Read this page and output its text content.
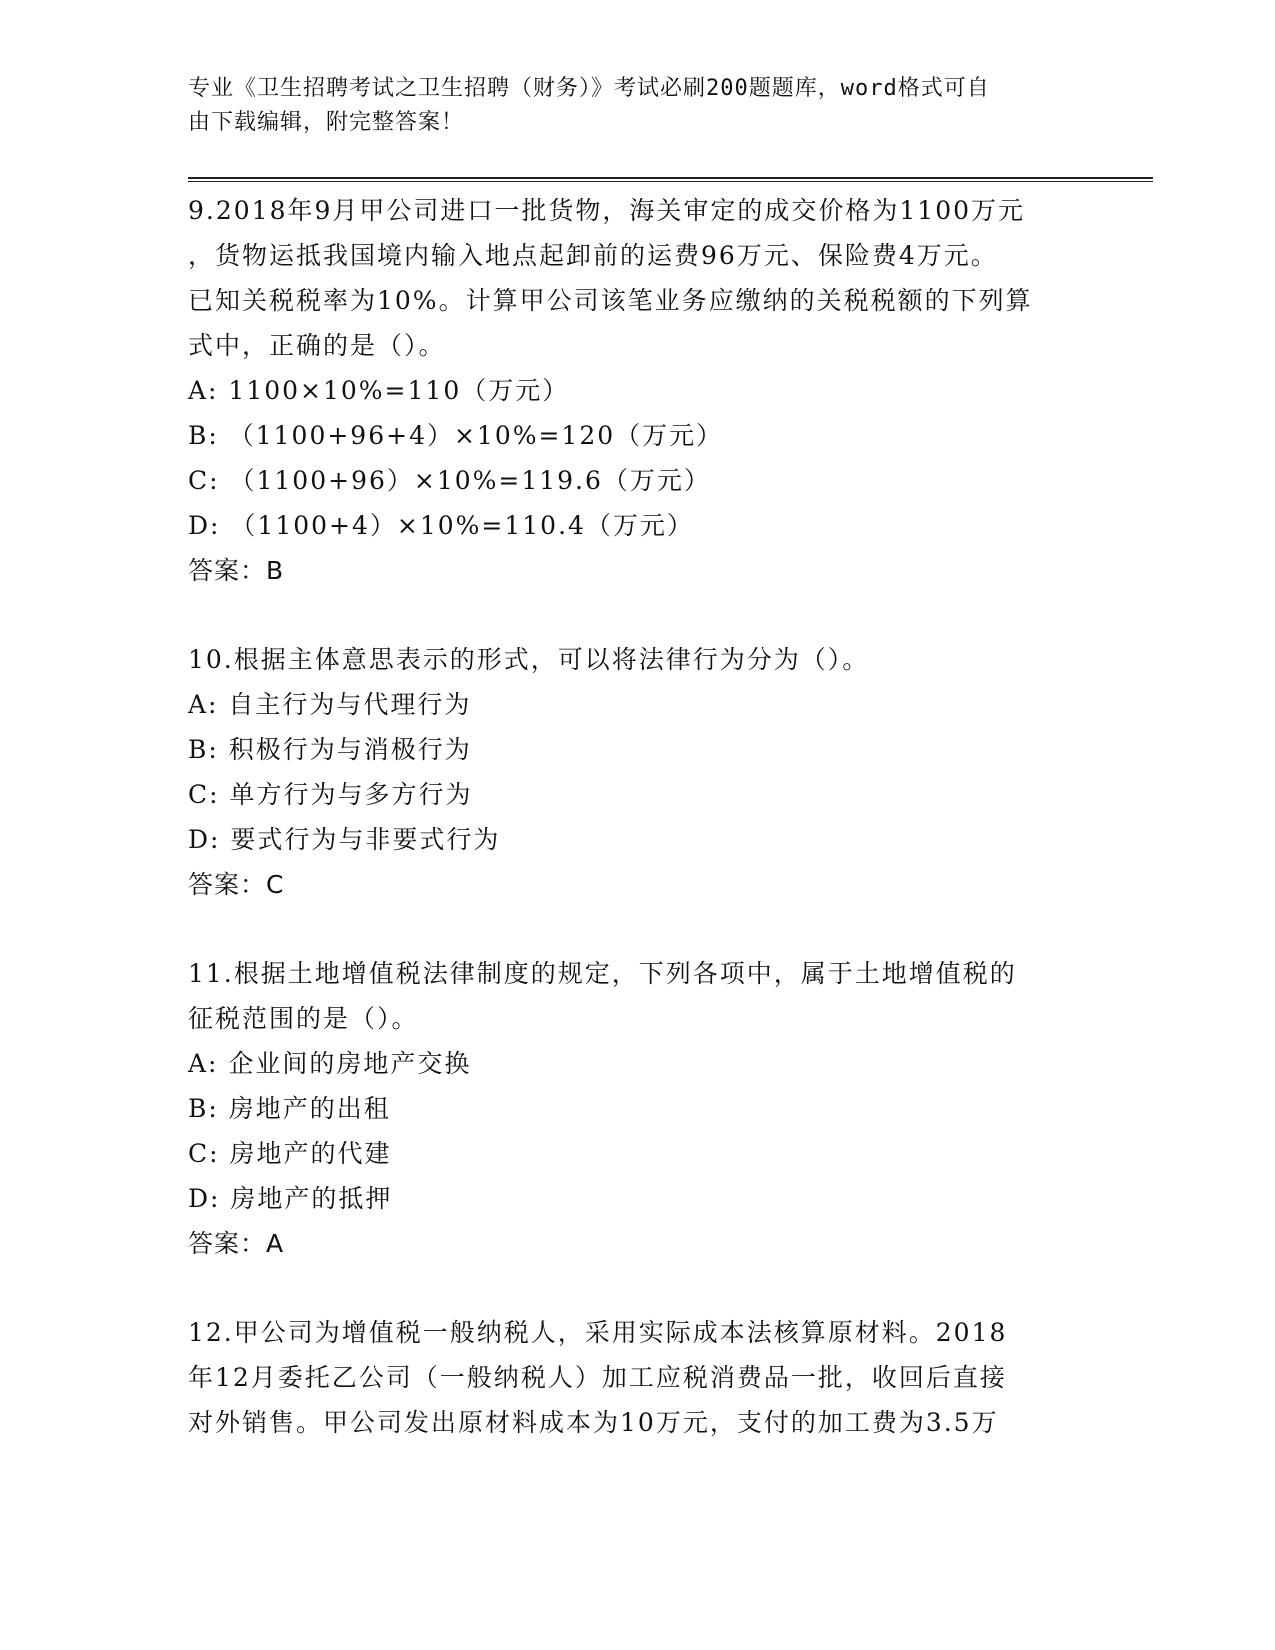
专业《卫生招聘考试之卫生招聘（财务）》考试必刷200题题库，word格式可自
由下载编辑，附完整答案！
9.2018年9月甲公司进口一批货物，海关审定的成交价格为1100万元
，货物运抵我国境内输入地点起卸前的运费96万元、保险费4万元。
已知关税税率为10%。计算甲公司该笔业务应缴纳的关税税额的下列算
式中，正确的是（）。
A: 1100×10%=110（万元）
B: （1100+96+4）×10%=120（万元）
C: （1100+96）×10%=119.6（万元）
D: （1100+4）×10%=110.4（万元）
答案：B
10.根据主体意思表示的形式，可以将法律行为分为（）。
A: 自主行为与代理行为
B: 积极行为与消极行为
C: 单方行为与多方行为
D: 要式行为与非要式行为
答案：C
11.根据土地增值税法律制度的规定，下列各项中，属于土地增值税的
征税范围的是（）。
A: 企业间的房地产交换
B: 房地产的出租
C: 房地产的代建
D: 房地产的抵押
答案：A
12.甲公司为增值税一般纳税人，采用实际成本法核算原材料。2018
年12月委托乙公司（一般纳税人）加工应税消费品一批，收回后直接
对外销售。甲公司发出原材料成本为10万元，支付的加工费为3.5万
